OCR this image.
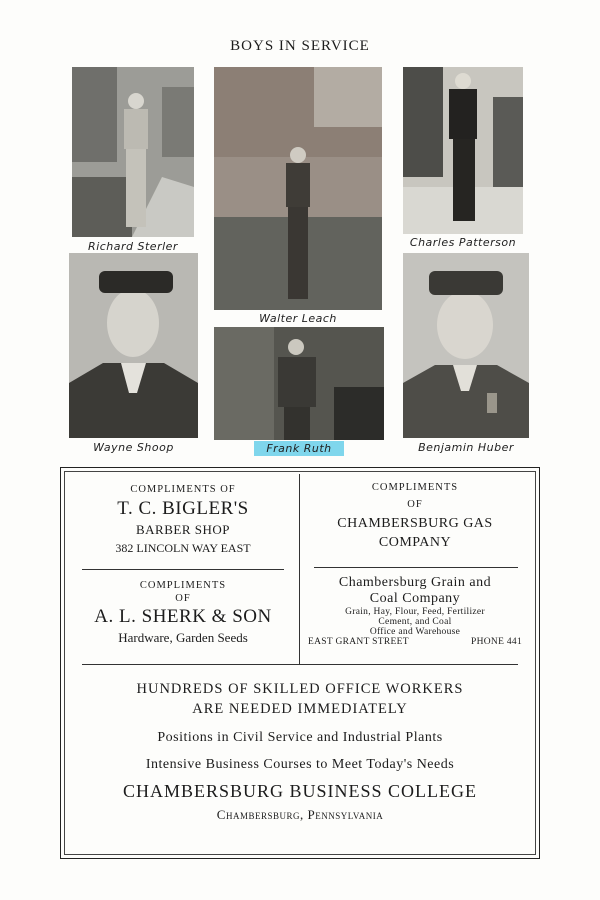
BOYS IN SERVICE
Richard Sterler
Walter Leach
Charles Patterson
Wayne Shoop	Frank Ruth	Benjamin Huber
COMPLIMENTS OF
T. C. BIGLER'S
BARBER SHOP
382 LINCOLN WAY EAST
COMPLIMENTS
OF
CHAMBERSBURG GAS
COMPANY
COMPLIMENTS
OF
A. L. SHERK & SON
Hardware, Garden Seeds
Chambersburg Grain and
Coal Company
Grain, Hay, Flour, Feed, Fertilizer
Cement, and Coal
Office and Warehouse
EAST GRANT STREET	PHONE 441
HUNDREDS OF SKILLED OFFICE WORKERS
ARE NEEDED IMMEDIATELY
Positions in Civil Service and Industrial Plants
Intensive Business Courses to Meet Today's Needs
CHAMBERSBURG BUSINESS COLLEGE
Chambersburg, Pennsylvania
